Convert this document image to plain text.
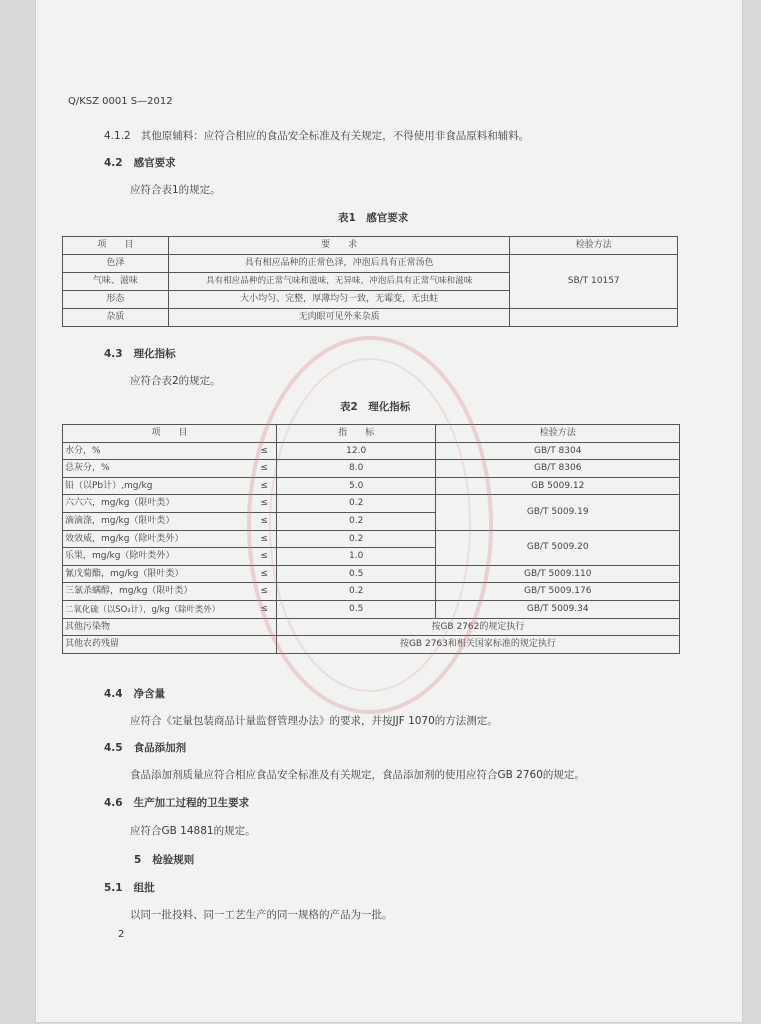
Q/KSZ 0001 S—2012
4.1.2 其他原辅料：应符合相应的食品安全标准及有关规定，不得使用非食品原料和辅料。
4.2 感官要求
应符合表1的规定。
表1　感官要求
项　　目	要　　求	检验方法
色泽	具有相应品种的正常色泽，冲泡后具有正常汤色	SB/T 10157
气味、滋味	具有相应品种的正常气味和滋味，无异味，冲泡后具有正常气味和滋味	
形态	大小均匀、完整，厚薄均匀一致，无霉变，无虫蛀	
杂质	无肉眼可见外来杂质	
4.3 理化指标
应符合表2的规定。
表2　理化指标
项　　目		指　　标	检验方法
水分，%	≤	12.0	GB/T 8304
总灰分，%	≤	8.0	GB/T 8306
铅（以Pb计）,mg/kg	≤	5.0	GB 5009.12
六六六，mg/kg（限叶类）	≤	0.2	GB/T 5009.19
滴滴涤，mg/kg（限叶类）	≤	0.2	
效效威，mg/kg（除叶类外）	≤	0.2	GB/T 5009.20
乐果，mg/kg（除叶类外）	≤	1.0	
氰戊菊酯，mg/kg（限叶类）	≤	0.5	GB/T 5009.110
三氯杀螨醇，mg/kg（限叶类）	≤	0.2	GB/T 5009.176
二氧化硫（以SO₂计），g/kg（除叶类外）	≤	0.5	GB/T 5009.34
其他污染物		按GB 2762的规定执行	
其他农药残留		按GB 2763和相关国家标准的规定执行	
4.4 净含量
应符合《定量包装商品计量监督管理办法》的要求，并按JJF 1070的方法测定。
4.5 食品添加剂
食品添加剂质量应符合相应食品安全标准及有关规定，食品添加剂的使用应符合GB 2760的规定。
4.6 生产加工过程的卫生要求
应符合GB 14881的规定。
5 检验规则
5.1 组批
以同一批投料、同一工艺生产的同一规格的产品为一批。
2
